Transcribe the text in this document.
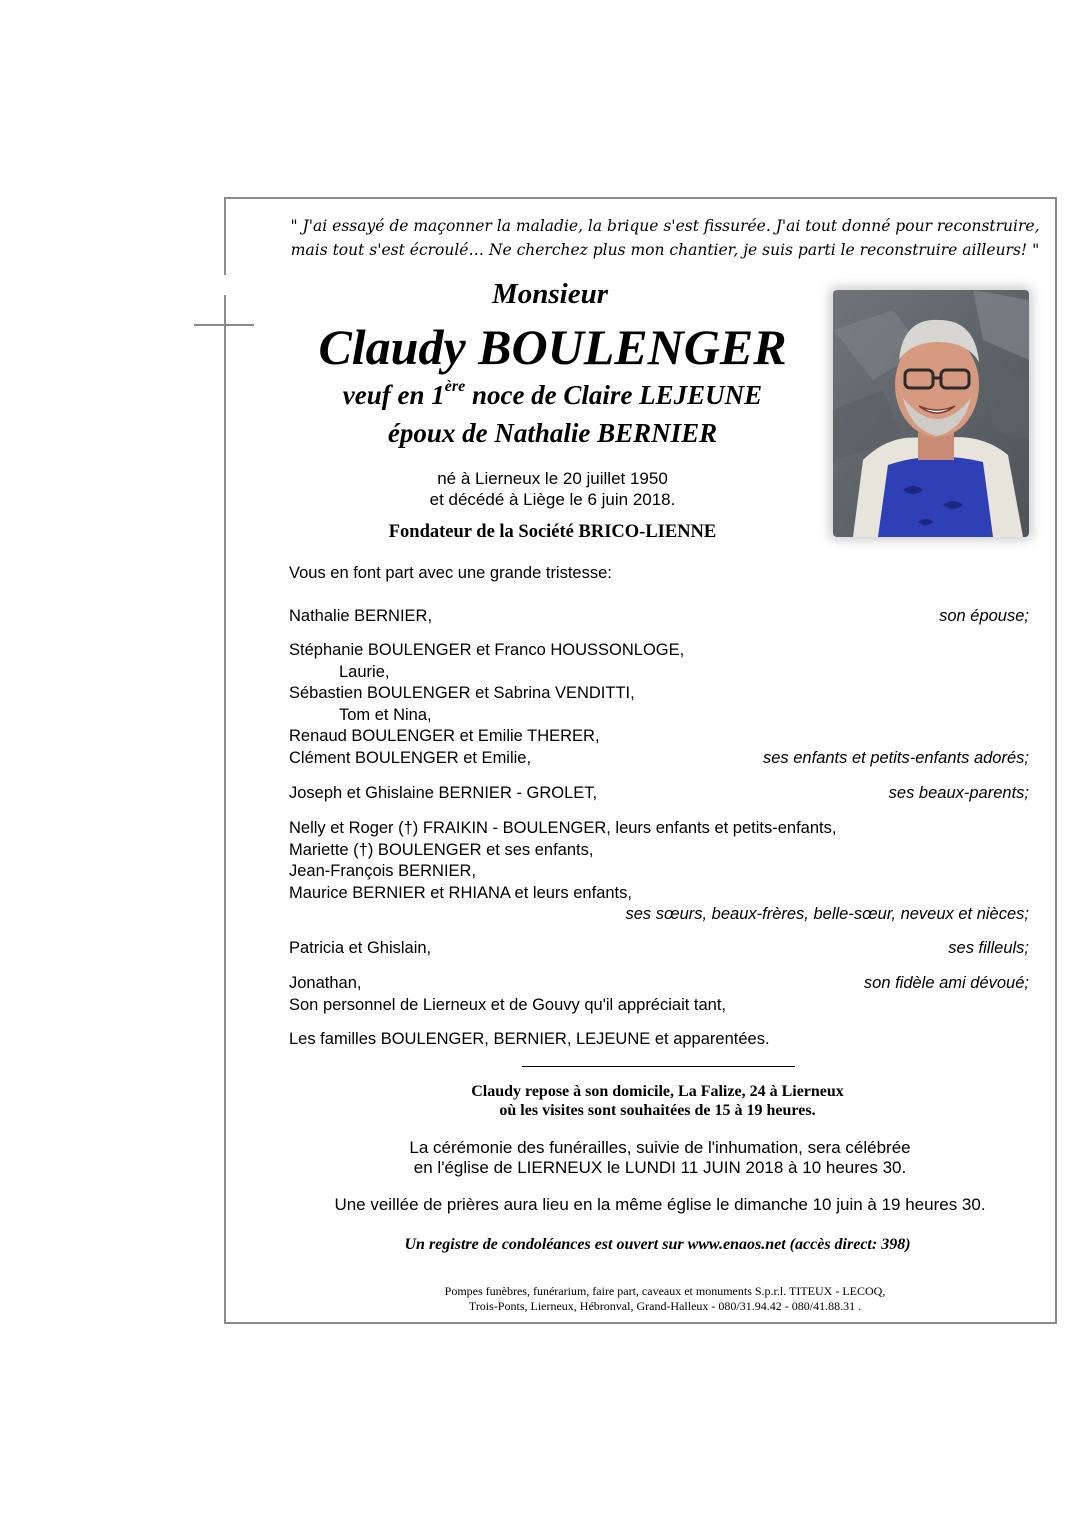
" J'ai essayé de maçonner la maladie, la brique s'est fissurée. J'ai tout donné pour reconstruire,
mais tout s'est écroulé… Ne cherchez plus mon chantier, je suis parti le reconstruire ailleurs! "
Monsieur
Claudy BOULENGER
veuf en 1ère noce de Claire LEJEUNE
époux de Nathalie BERNIER
né à Lierneux le 20 juillet 1950
et décédé à Liège le 6 juin 2018.
Fondateur de la Société BRICO-LIENNE
Vous en font part avec une grande tristesse:
Nathalie BERNIER,	son épouse;
Stéphanie BOULENGER et Franco HOUSSONLOGE,
Laurie,
Sébastien BOULENGER et Sabrina VENDITTI,
Tom et Nina,
Renaud BOULENGER et Emilie THERER,
Clément BOULENGER et Emilie,	ses enfants et petits-enfants adorés;
Joseph et Ghislaine BERNIER - GROLET,	ses beaux-parents;
Nelly et Roger (†) FRAIKIN - BOULENGER, leurs enfants et petits-enfants,
Mariette (†) BOULENGER et ses enfants,
Jean-François BERNIER,
Maurice BERNIER et RHIANA et leurs enfants,
ses sœurs, beaux-frères, belle-sœur, neveux et nièces;
Patricia et Ghislain,	ses filleuls;
Jonathan,	son fidèle ami dévoué;
Son personnel de Lierneux et de Gouvy qu'il appréciait tant,
Les familles BOULENGER, BERNIER, LEJEUNE et apparentées.
Claudy repose à son domicile, La Falize, 24 à Lierneux
où les visites sont souhaitées de 15 à 19 heures.
La cérémonie des funérailles, suivie de l'inhumation, sera célébrée
en l'église de LIERNEUX le LUNDI 11 JUIN 2018 à 10 heures 30.
Une veillée de prières aura lieu en la même église le dimanche 10 juin à 19 heures 30.
Un registre de condoléances est ouvert sur www.enaos.net (accès direct: 398)
Pompes funèbres, funérarium, faire part, caveaux et monuments S.p.r.l. TITEUX - LECOQ,
Trois-Ponts, Lierneux, Hébronval, Grand-Halleux - 080/31.94.42 - 080/41.88.31 .
